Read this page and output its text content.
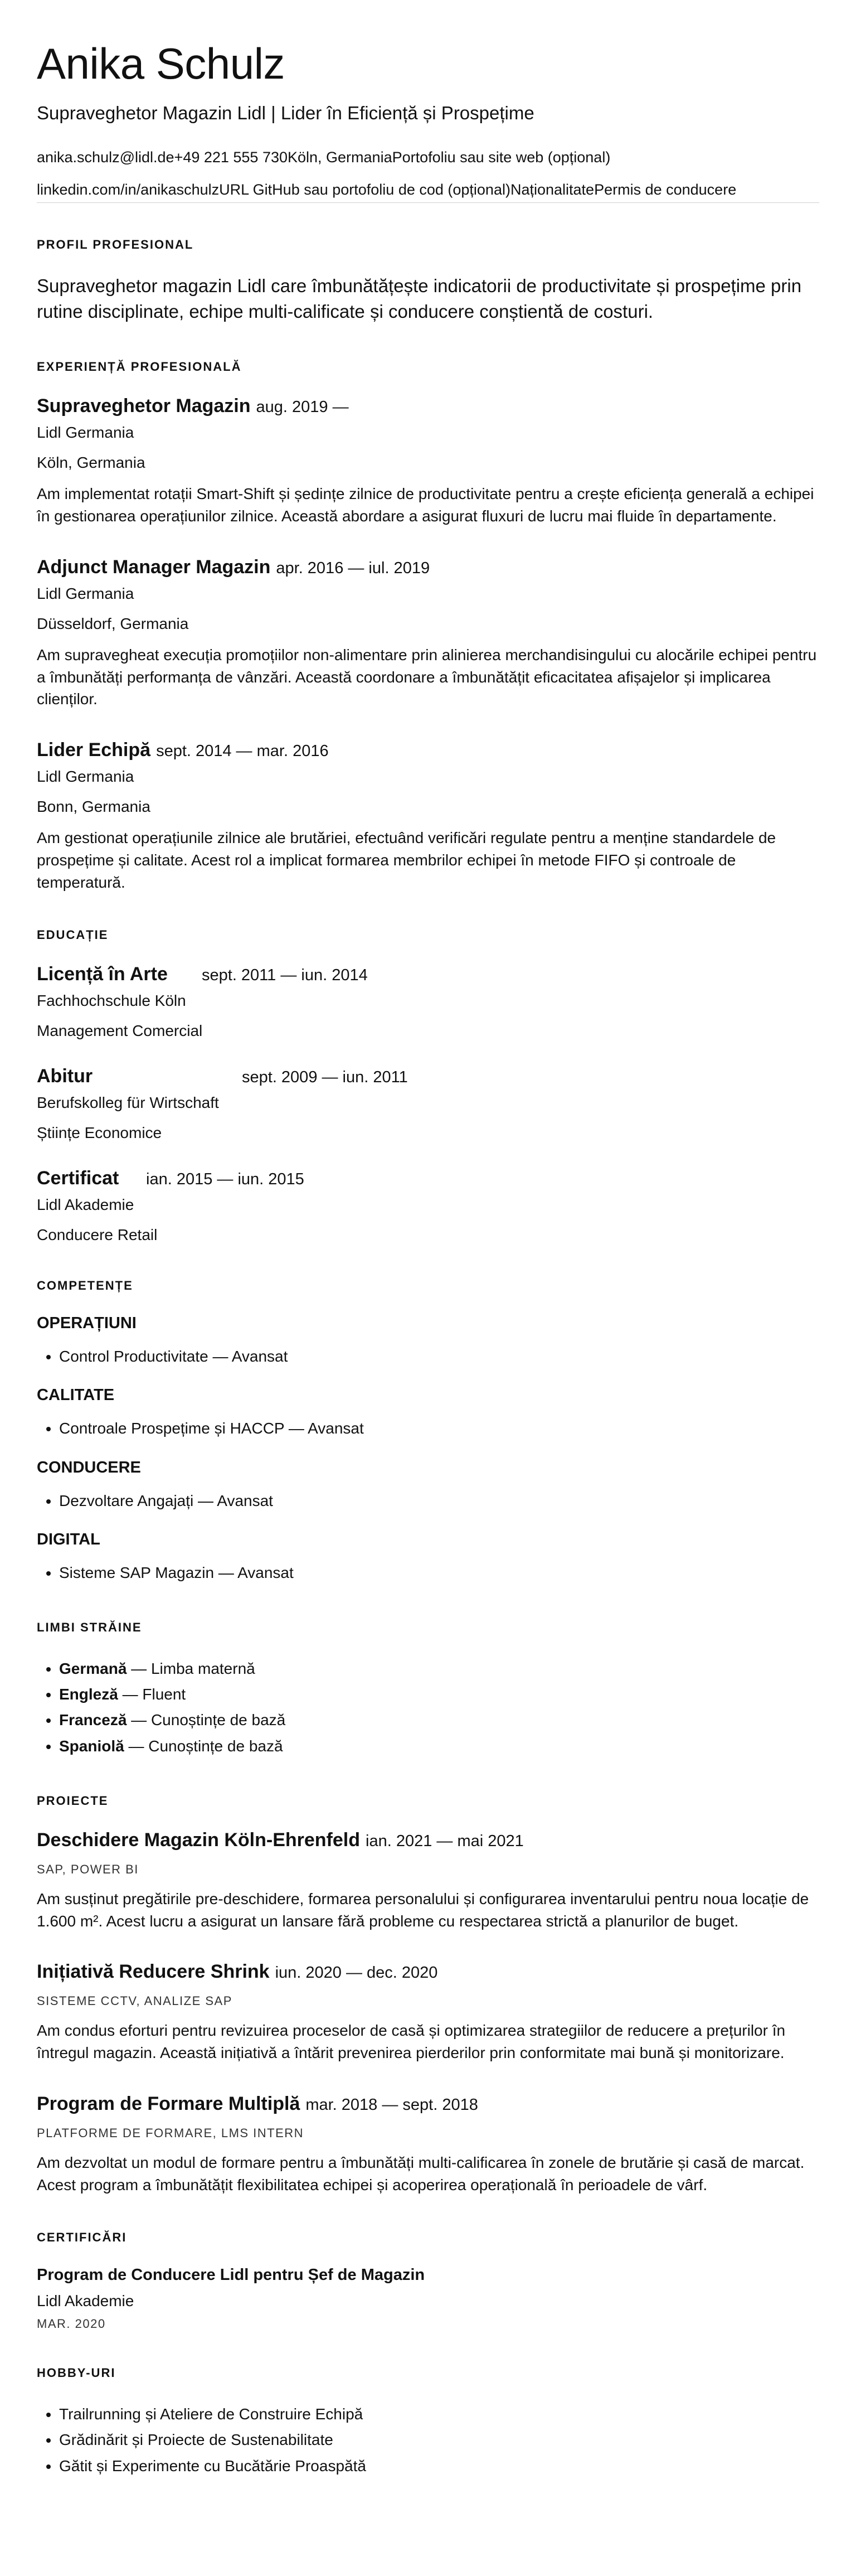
Anika Schulz
Supraveghetor Magazin Lidl | Lider în Eficiență și Prospețime

anika.schulz@lidl.de+49 221 555 730Köln, GermaniaPortofoliu sau site web (opțional)

linkedin.com/in/anikaschulzURL GitHub sau portofoliu de cod (opțional)NaționalitatePermis de conducere

PROFIL PROFESIONAL

Supraveghetor magazin Lidl care îmbunătățește indicatorii de productivitate și prospețime prin rutine disciplinate, echipe multi-calificate și conducere conștientă de costuri.

EXPERIENȚĂ PROFESIONALĂ
Supraveghetor Magazin aug. 2019 —
Lidl Germania
Köln, Germania
Am implementat rotații Smart-Shift și ședințe zilnice de productivitate pentru a crește eficiența generală a echipei în gestionarea operațiunilor zilnice. Această abordare a asigurat fluxuri de lucru mai fluide în departamente.
Adjunct Manager Magazin apr. 2016 — iul. 2019
Lidl Germania
Düsseldorf, Germania
Am supravegheat execuția promoțiilor non-alimentare prin alinierea merchandisingului cu alocările echipei pentru a îmbunătăți performanța de vânzări. Această coordonare a îmbunătățit eficacitatea afișajelor și implicarea clienților.
Lider Echipă sept. 2014 — mar. 2016
Lidl Germania
Bonn, Germania
Am gestionat operațiunile zilnice ale brutăriei, efectuând verificări regulate pentru a menține standardele de prospețime și calitate. Acest rol a implicat formarea membrilor echipei în metode FIFO și controale de temperatură.
EDUCAȚIE
Licență în Arte	sept. 2011 — iun. 2014
Fachhochschule Köln
Management Comercial
Abitur	sept. 2009 — iun. 2011
Berufskolleg für Wirtschaft
Științe Economice
Certificat	ian. 2015 — iun. 2015
Lidl Akademie
Conducere Retail
COMPETENȚE
OPERAȚIUNI
• Control Productivitate — Avansat
CALITATE
• Controale Prospețime și HACCP — Avansat
CONDUCERE
• Dezvoltare Angajați — Avansat
DIGITAL
• Sisteme SAP Magazin — Avansat
LIMBI STRĂINE
• Germană — Limba maternă
• Engleză — Fluent
• Franceză — Cunoștințe de bază
• Spaniolă — Cunoștințe de bază
PROIECTE
Deschidere Magazin Köln-Ehrenfeld ian. 2021 — mai 2021
SAP, POWER BI
Am susținut pregătirile pre-deschidere, formarea personalului și configurarea inventarului pentru noua locație de 1.600 m². Acest lucru a asigurat un lansare fără probleme cu respectarea strictă a planurilor de buget.
Inițiativă Reducere Shrink iun. 2020 — dec. 2020
SISTEME CCTV, ANALIZE SAP
Am condus eforturi pentru revizuirea proceselor de casă și optimizarea strategiilor de reducere a prețurilor în întregul magazin. Această inițiativă a întărit prevenirea pierderilor prin conformitate mai bună și monitorizare.
Program de Formare Multiplă mar. 2018 — sept. 2018
PLATFORME DE FORMARE, LMS INTERN
Am dezvoltat un modul de formare pentru a îmbunătăți multi-calificarea în zonele de brutărie și casă de marcat. Acest program a îmbunătățit flexibilitatea echipei și acoperirea operațională în perioadele de vârf.
CERTIFICĂRI
Program de Conducere Lidl pentru Șef de Magazin
Lidl Akademie
MAR. 2020
HOBBY-URI
• Trailrunning și Ateliere de Construire Echipă
• Grădinărit și Proiecte de Sustenabilitate
• Gătit și Experimente cu Bucătărie Proaspătă
